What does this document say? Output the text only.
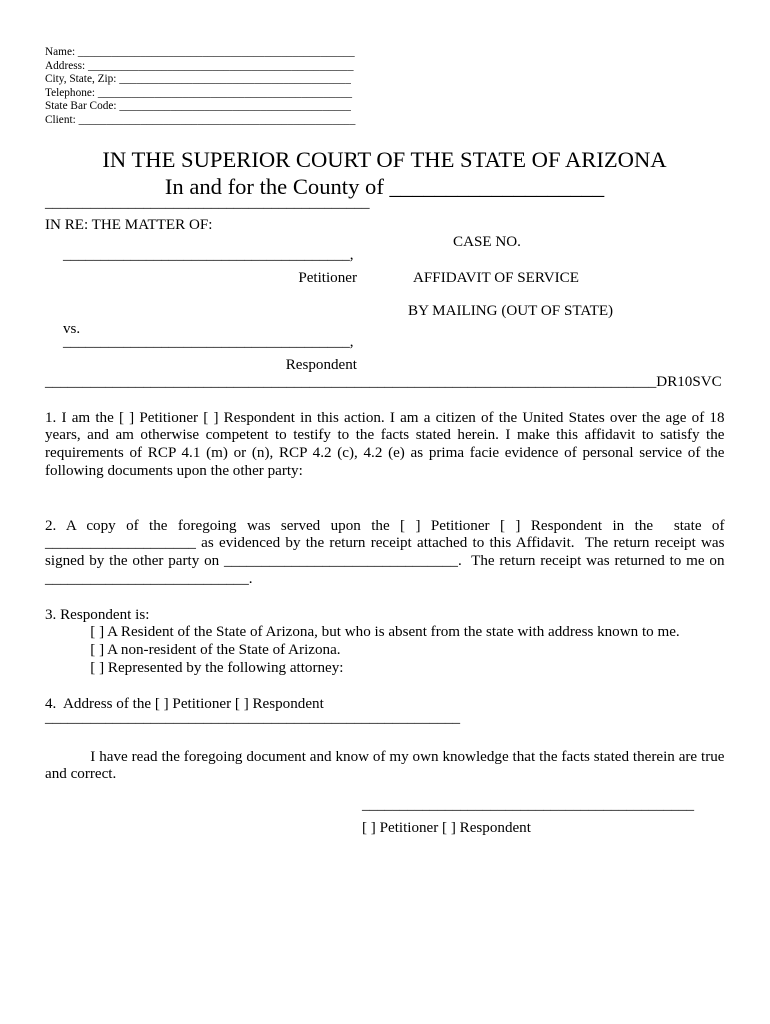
Name: _________________________________________________
Address: _______________________________________________
City, State, Zip: _________________________________________
Telephone: _____________________________________________
State Bar Code: _________________________________________
Client: _________________________________________________
IN THE SUPERIOR COURT OF THE STATE OF ARIZONA
In and for the County of ___________________
___________________________________________
IN RE: THE MATTER OF:
CASE NO.
______________________________________,
Petitioner	AFFIDAVIT OF SERVICE
BY MAILING (OUT OF STATE)
vs.
______________________________________,
Respondent
_________________________________________________________________________________DR10SVC
1. I am the [ ] Petitioner [ ] Respondent in this action. I am a citizen of the United States over the age of 18
years, and am otherwise competent to testify to the facts stated herein. I make this affidavit to satisfy the
requirements of RCP 4.1 (m) or (n), RCP 4.2 (c), 4.2 (e) as prima facie evidence of personal service of the
following documents upon the other party:
2. A copy of the foregoing was served upon the [ ] Petitioner [ ] Respondent in the  state of
____________________ as evidenced by the return receipt attached to this Affidavit.  The return receipt was
signed by the other party on _______________________________.  The return receipt was returned to me on
___________________________.
3. Respondent is:
[ ] A Resident of the State of Arizona, but who is absent from the state with address known to me.
[ ] A non-resident of the State of Arizona.
[ ] Represented by the following attorney:
4.  Address of the [ ] Petitioner [ ] Respondent
_______________________________________________________
I have read the foregoing document and know of my own knowledge that the facts stated therein are true
and correct.
____________________________________________
[ ] Petitioner [ ] Respondent
